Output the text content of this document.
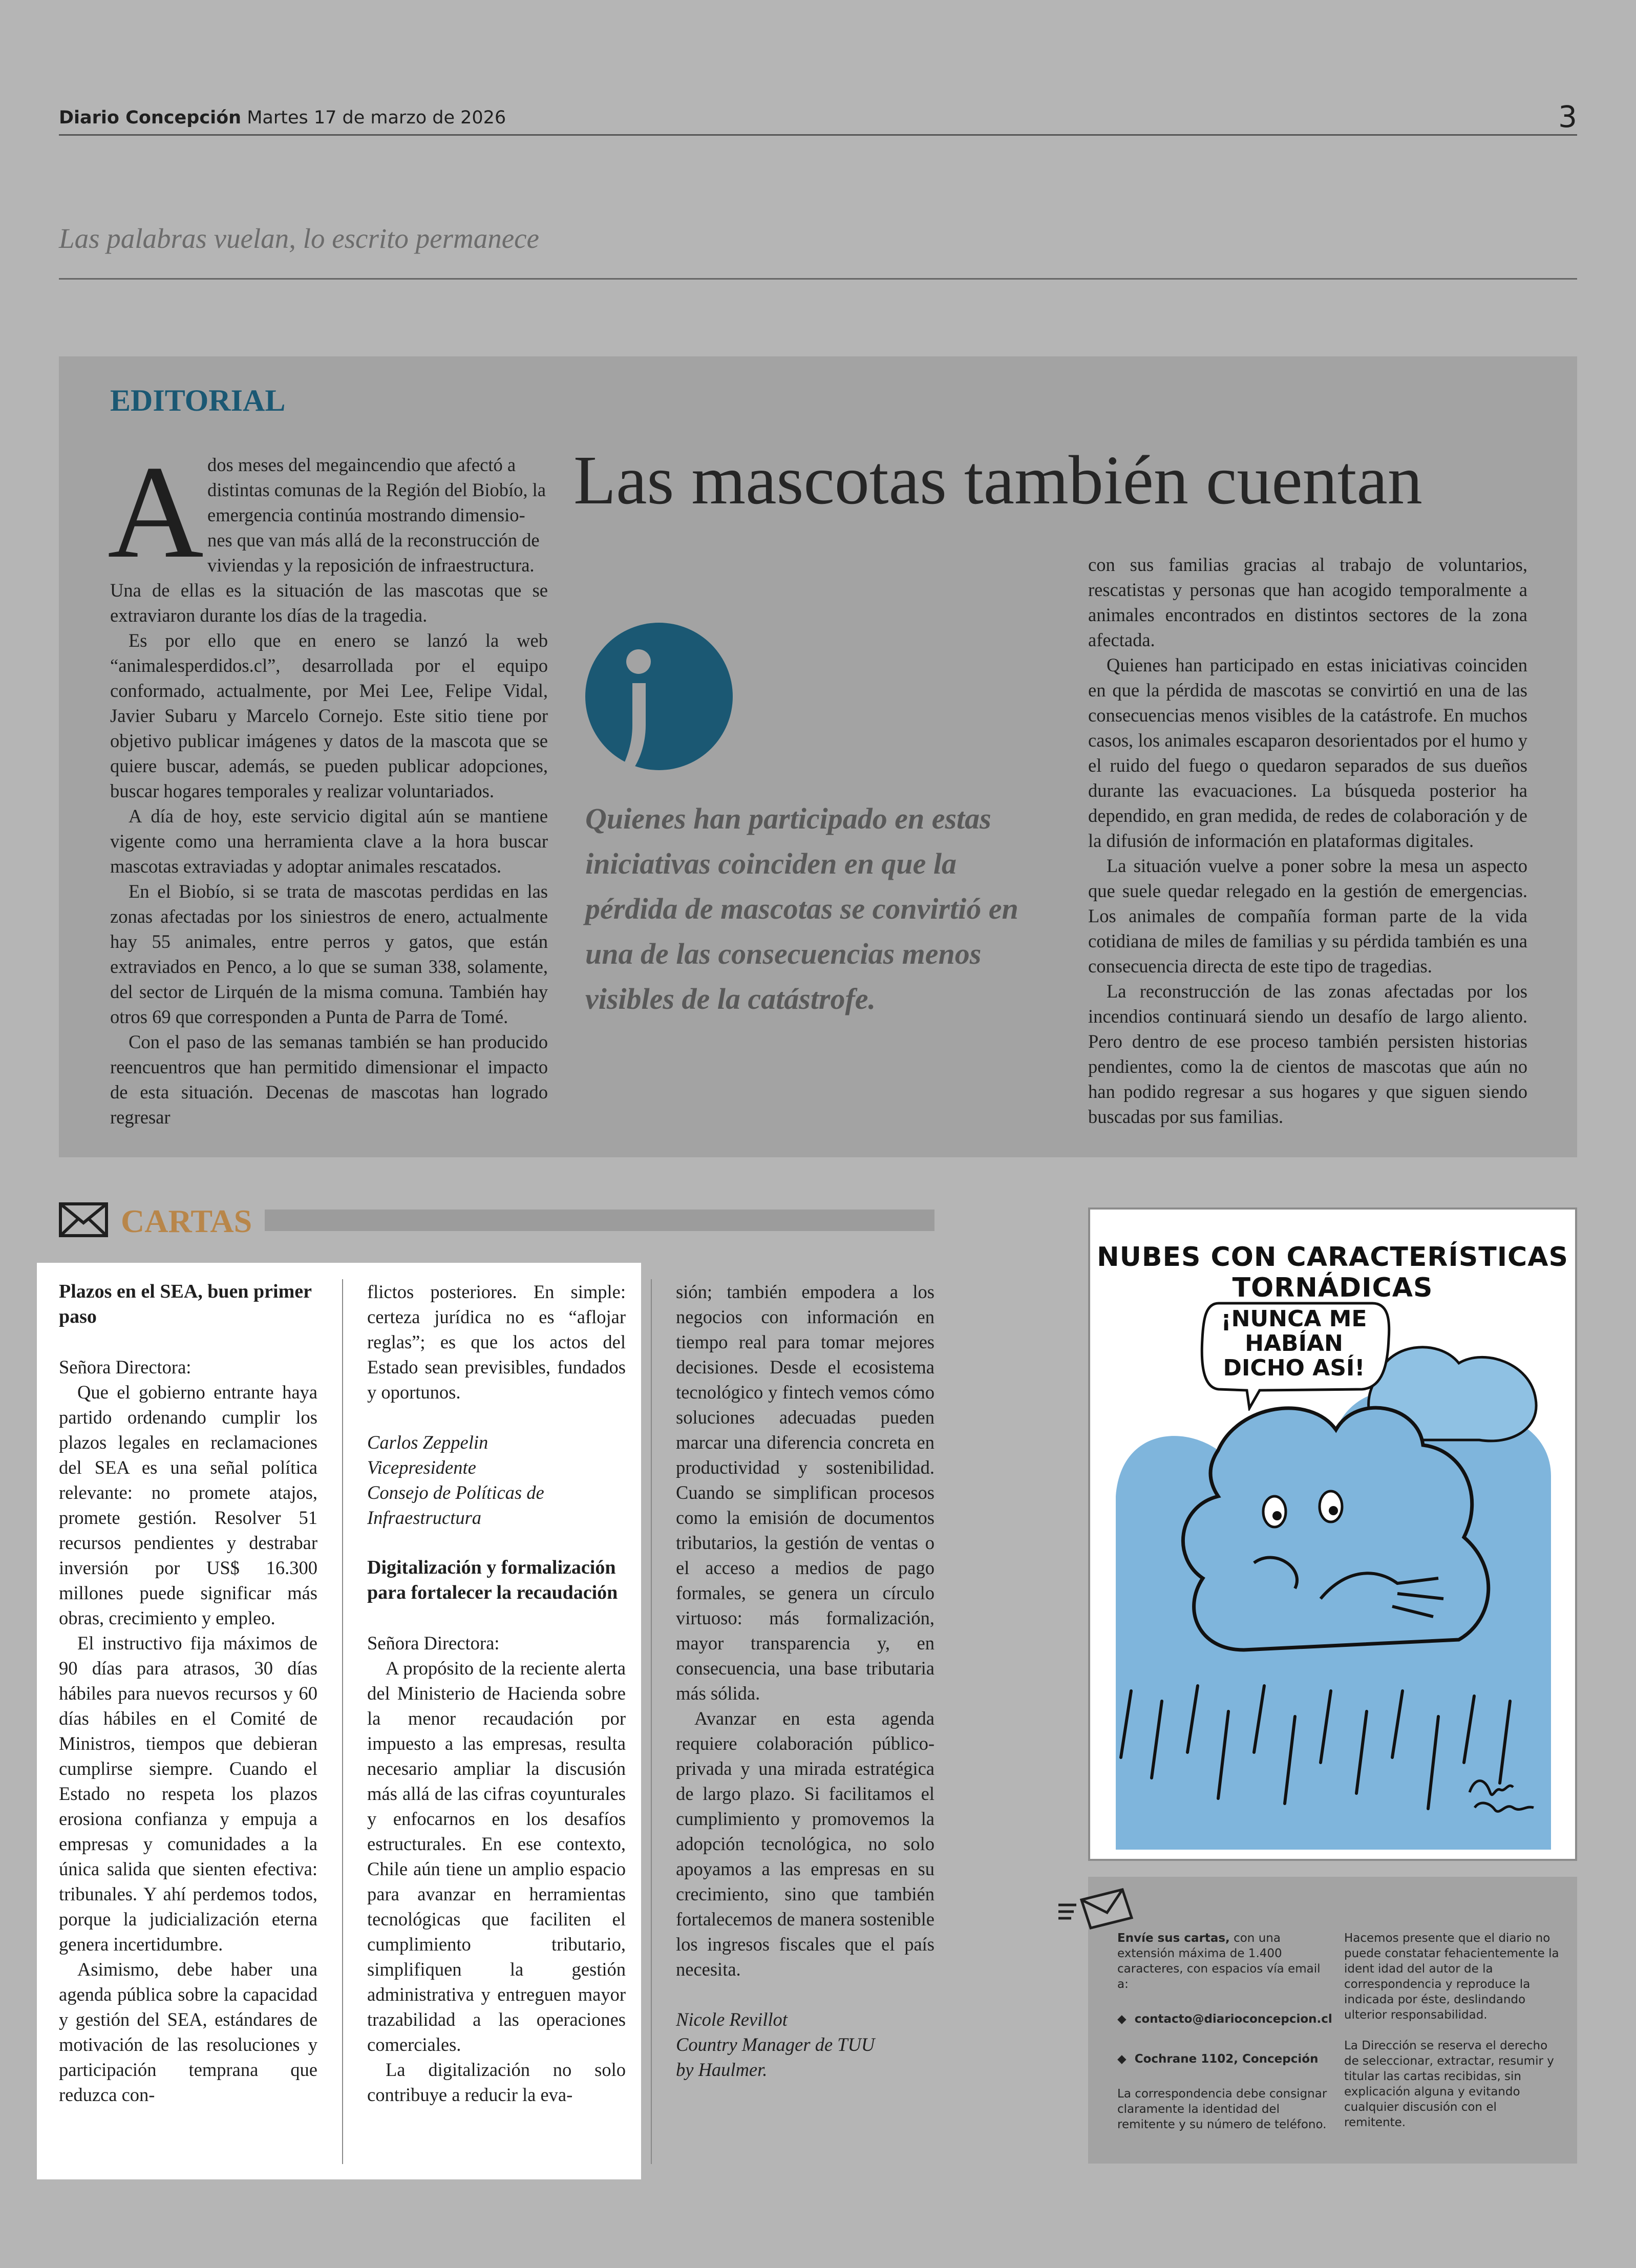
Diario Concepción Martes 17 de marzo de 2026	3
Las palabras vuelan, lo escrito permanece
EDITORIAL
Las mascotas también cuentan
A dos meses del megaincendio que afectó a
distintas comunas de la Región del Biobío, la
emergencia continúa mostrando dimensio-
nes que van más allá de la reconstrucción de
viviendas y la reposición de infraestructura.

Una de ellas es la situación de las mascotas que se extraviaron durante los días de la tragedia.

Es por ello que en enero se lanzó la web “animalesperdidos.cl”, desarrollada por el equipo conformado, actualmente, por Mei Lee, Felipe Vidal, Javier Subaru y Marcelo Cornejo. Este sitio tiene por objetivo publicar imágenes y datos de la mascota que se quiere buscar, además, se pueden publicar adopciones, buscar hogares temporales y realizar voluntariados.

A día de hoy, este servicio digital aún se mantiene vigente como una herramienta clave a la hora buscar mascotas extraviadas y adoptar animales rescatados.

En el Biobío, si se trata de mascotas perdidas en las zonas afectadas por los siniestros de enero, actualmente hay 55 animales, entre perros y gatos, que están extraviados en Penco, a lo que se suman 338, solamente, del sector de Lirquén de la misma comuna. También hay otros 69 que corresponden a Punta de Parra de Tomé.

Con el paso de las semanas también se han producido reencuentros que han permitido dimensionar el impacto de esta situación. Decenas de mascotas han logrado regresar

Quienes han participado en estas iniciativas coinciden en que la pérdida de mascotas se convirtió en una de las consecuencias menos visibles de la catástrofe.

con sus familias gracias al trabajo de voluntarios, rescatistas y personas que han acogido temporalmente a animales encontrados en distintos sectores de la zona afectada.

Quienes han participado en estas iniciativas coinciden en que la pérdida de mascotas se convirtió en una de las consecuencias menos visibles de la catástrofe. En muchos casos, los animales escaparon desorientados por el humo y el ruido del fuego o quedaron separados de sus dueños durante las evacuaciones. La búsqueda posterior ha dependido, en gran medida, de redes de colaboración y de la difusión de información en plataformas digitales.

La situación vuelve a poner sobre la mesa un aspecto que suele quedar relegado en la gestión de emergencias. Los animales de compañía forman parte de la vida cotidiana de miles de familias y su pérdida también es una consecuencia directa de este tipo de tragedias.

La reconstrucción de las zonas afectadas por los incendios continuará siendo un desafío de largo aliento. Pero dentro de ese proceso también persisten historias pendientes, como la de cientos de mascotas que aún no han podido regresar a sus hogares y que siguen siendo buscadas por sus familias.

CARTAS

Plazos en el SEA, buen primer paso

Señora Directora:

Que el gobierno entrante haya partido ordenando cumplir los plazos legales en reclamaciones del SEA es una señal política relevante: no promete atajos, promete gestión. Resolver 51 recursos pendientes y destrabar inversión por US$ 16.300 millones puede significar más obras, crecimiento y empleo.

El instructivo fija máximos de 90 días para atrasos, 30 días hábiles para nuevos recursos y 60 días hábiles en el Comité de Ministros, tiempos que debieran cumplirse siempre. Cuando el Estado no respeta los plazos erosiona confianza y empuja a empresas y comunidades a la única salida que sienten efectiva: tribunales. Y ahí perdemos todos, porque la judicialización eterna genera incertidumbre.

Asimismo, debe haber una agenda pública sobre la capacidad y gestión del SEA, estándares de motivación de las resoluciones y participación temprana que reduzca con-

flictos posteriores. En simple: certeza jurídica no es “aflojar reglas”; es que los actos del Estado sean previsibles, fundados y oportunos.

Carlos Zeppelin

Vicepresidente

Consejo de Políticas de

Infraestructura

Digitalización y formalización para fortalecer la recaudación

Señora Directora:

A propósito de la reciente alerta del Ministerio de Hacienda sobre la menor recaudación por impuesto a las empresas, resulta necesario ampliar la discusión más allá de las cifras coyunturales y enfocarnos en los desafíos estructurales. En ese contexto, Chile aún tiene un amplio espacio para avanzar en herramientas tecnológicas que faciliten el cumplimiento tributario, simplifiquen la gestión administrativa y entreguen mayor trazabilidad a las operaciones comerciales.

La digitalización no solo contribuye a reducir la eva-

sión; también empodera a los negocios con información en tiempo real para tomar mejores decisiones. Desde el ecosistema tecnológico y fintech vemos cómo soluciones adecuadas pueden marcar una diferencia concreta en productividad y sostenibilidad. Cuando se simplifican procesos como la emisión de documentos tributarios, la gestión de ventas o el acceso a medios de pago formales, se genera un círculo virtuoso: más formalización, mayor transparencia y, en consecuencia, una base tributaria más sólida.

Avanzar en esta agenda requiere colaboración público-privada y una mirada estratégica de largo plazo. Si facilitamos el cumplimiento y promovemos la adopción tecnológica, no solo apoyamos a las empresas en su crecimiento, sino que también fortalecemos de manera sostenible los ingresos fiscales que el país necesita.

Nicole Revillot

Country Manager de TUU

by Haulmer.

NUBES CON CARACTERÍSTICAS TORNÁDICAS
¡NUNCA ME HABÍAN DICHO ASÍ!
Envíe sus cartas, con una extensión máxima de 1.400 caracteres, con espacios vía email a:
◆  contacto@diarioconcepcion.cl
◆  Cochrane 1102, Concepción
La correspondencia debe consignar claramente la identidad del remitente y su número de teléfono.
Hacemos presente que el diario no puede constatar fehacientemente la ident idad del autor de la correspondencia y reproduce la indicada por éste, deslindando ulterior responsabilidad.
La Dirección se reserva el derecho de seleccionar, extractar, resumir y titular las cartas recibidas, sin explicación alguna y evitando cualquier discusión con el remitente.
